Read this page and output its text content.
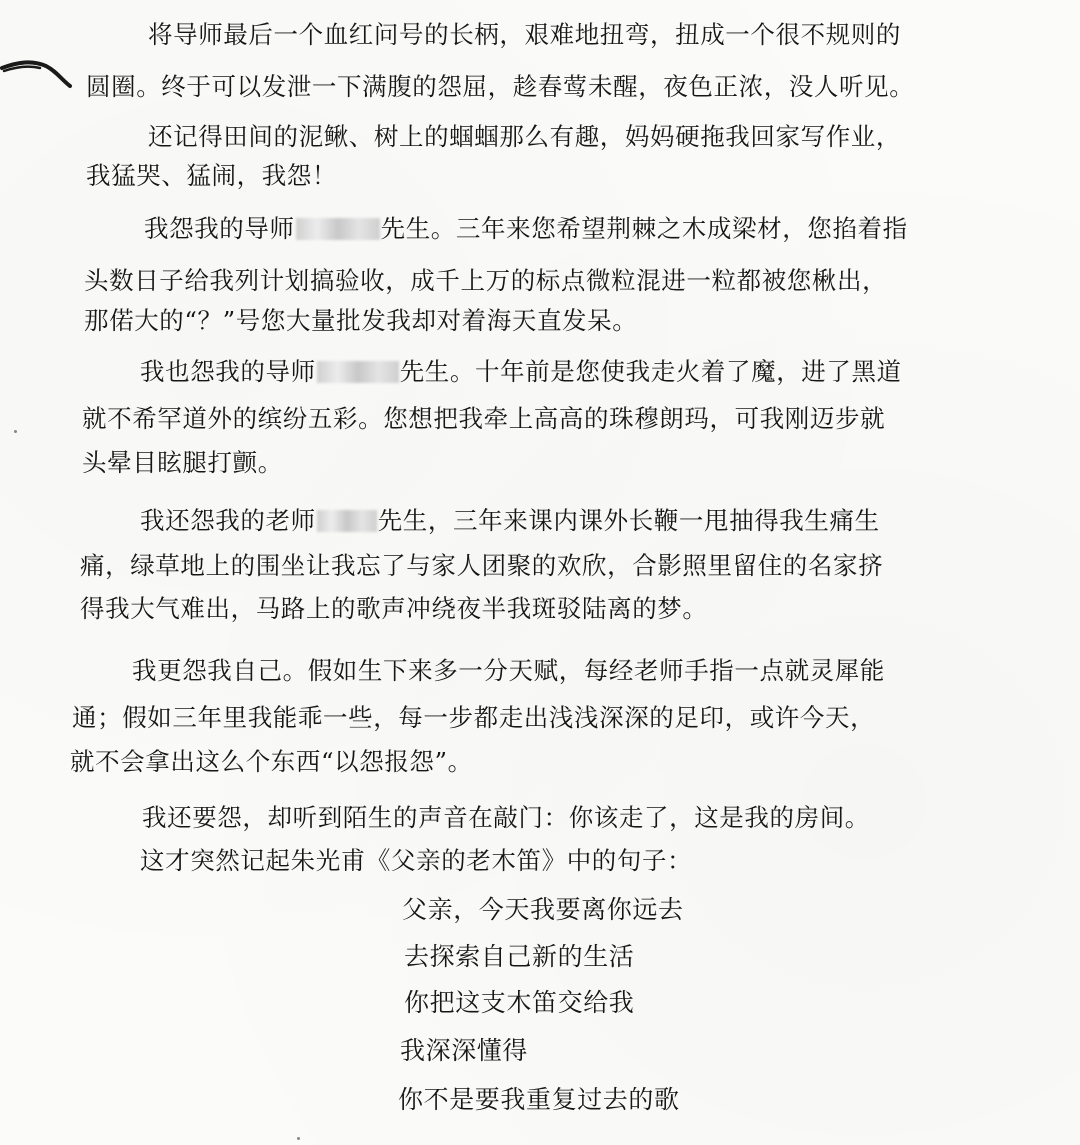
将导师最后一个血红问号的长柄，艰难地扭弯，扭成一个很不规则的
圆圈。终于可以发泄一下满腹的怨屈，趁春莺未醒，夜色正浓，没人听见。
还记得田间的泥鳅、树上的蝈蝈那么有趣，妈妈硬拖我回家写作业，
我猛哭、猛闹，我怨！
我怨我的导师	先生。三年来您希望荆棘之木成梁材，您掐着指
头数日子给我列计划搞验收，成千上万的标点微粒混进一粒都被您楸出，
那偌大的“？”号您大量批发我却对着海天直发呆。
我也怨我的导师	先生。十年前是您使我走火着了魔，进了黑道
就不希罕道外的缤纷五彩。您想把我牵上高高的珠穆朗玛，可我刚迈步就
头晕目眩腿打颤。
我还怨我的老师	先生，三年来课内课外长鞭一甩抽得我生痛生
痛，绿草地上的围坐让我忘了与家人团聚的欢欣，合影照里留住的名家挤
得我大气难出，马路上的歌声冲绕夜半我斑驳陆离的梦。
我更怨我自己。假如生下来多一分天赋，每经老师手指一点就灵犀能
通；假如三年里我能乖一些，每一步都走出浅浅深深的足印，或许今天，
就不会拿出这么个东西“以怨报怨”。
我还要怨，却听到陌生的声音在敲门：你该走了，这是我的房间。
这才突然记起朱光甫《父亲的老木笛》中的句子：
父亲，今天我要离你远去
去探索自己新的生活
你把这支木笛交给我
我深深懂得
你不是要我重复过去的歌
